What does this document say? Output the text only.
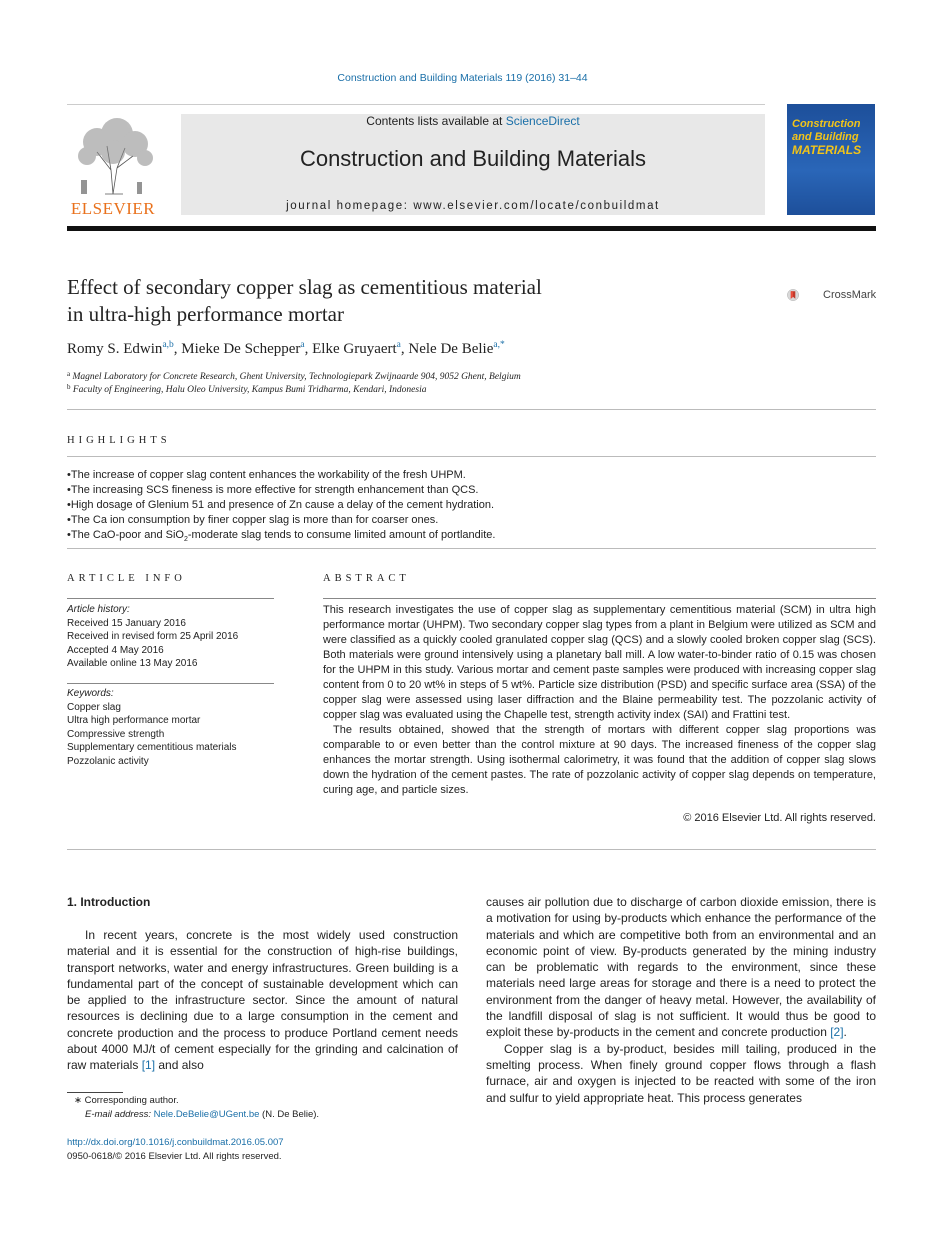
Construction and Building Materials 119 (2016) 31–44
ELSEVIER
Contents lists available at ScienceDirect
Construction and Building Materials
journal homepage: www.elsevier.com/locate/conbuildmat
Construction
and Building
MATERIALS
Effect of secondary copper slag as cementitious material
in ultra-high performance mortar
CrossMark
Romy S. Edwin$^{a,b}$, Mieke De Schepper$^a$, Elke Gruyaert$^a$, Nele De Belie$^{a,*}$
$^a$ Magnel Laboratory for Concrete Research, Ghent University, Technologiepark Zwijnaarde 904, 9052 Ghent, Belgium
$^b$ Faculty of Engineering, Halu Oleo University, Kampus Bumi Tridharma, Kendari, Indonesia
HIGHLIGHTS
• The increase of copper slag content enhances the workability of the fresh UHPM.
• The increasing SCS fineness is more effective for strength enhancement than QCS.
• High dosage of Glenium 51 and presence of Zn cause a delay of the cement hydration.
• The Ca ion consumption by finer copper slag is more than for coarser ones.
• The CaO-poor and SiO$_2$-moderate slag tends to consume limited amount of portlandite.
ARTICLE INFO
Article history:
Received 15 January 2016
Received in revised form 25 April 2016
Accepted 4 May 2016
Available online 13 May 2016
Keywords:
Copper slag
Ultra high performance mortar
Compressive strength
Supplementary cementitious materials
Pozzolanic activity
ABSTRACT

This research investigates the use of copper slag as supplementary cementitious material (SCM) in ultra high performance mortar (UHPM). Two secondary copper slag types from a plant in Belgium were utilized as SCM and were classified as a quickly cooled granulated copper slag (QCS) and a slowly cooled broken copper slag (SCS). Both materials were ground intensively using a planetary ball mill. A low water-to-binder ratio of 0.15 was chosen for the UHPM in this study. Various mortar and cement paste samples were produced with increasing copper slag content from 0 to 20 wt% in steps of 5 wt%. Particle size distribution (PSD) and specific surface area (SSA) of the copper slag were assessed using laser diffraction and the Blaine permeability test. The pozzolanic activity of copper slag was evaluated using the Chapelle test, strength activity index (SAI) and Frattini test.

The results obtained, showed that the strength of mortars with different copper slag proportions was comparable to or even better than the control mixture at 90 days. The increased fineness of the copper slag enhances the mortar strength. Using isothermal calorimetry, it was found that the addition of copper slag slows down the hydration of the cement pastes. The rate of pozzolanic activity of copper slag depends on temperature, curing age, and particle sizes.

© 2016 Elsevier Ltd. All rights reserved.
1. Introduction

In recent years, concrete is the most widely used construction material and it is essential for the construction of high-rise buildings, transport networks, water and energy infrastructures. Green building is a fundamental part of the concept of sustainable development which can be applied to the infrastructure sector. Since the amount of natural resources is declining due to a large consumption in the cement and concrete production and the process to produce Portland cement needs about 4000 MJ/t of cement especially for the grinding and calcination of raw materials [1] and also

causes air pollution due to discharge of carbon dioxide emission, there is a motivation for using by-products which enhance the performance of the materials and which are competitive both from an environmental and an economic point of view. By-products generated by the mining industry can be problematic with regards to the environment, since these materials need large areas for storage and there is a need to protect the environment from the danger of heavy metal. However, the availability of the landfill disposal of slag is not sufficient. It would thus be good to exploit these by-products in the cement and concrete production [2].

Copper slag is a by-product, besides mill tailing, produced in the smelting process. When finely ground copper flows through a flash furnace, air and oxygen is injected to be reacted with some of the iron and sulfur to yield appropriate heat. This process generates

∗ Corresponding author.
E-mail address: Nele.DeBelie@UGent.be (N. De Belie).
http://dx.doi.org/10.1016/j.conbuildmat.2016.05.007
0950-0618/© 2016 Elsevier Ltd. All rights reserved.
